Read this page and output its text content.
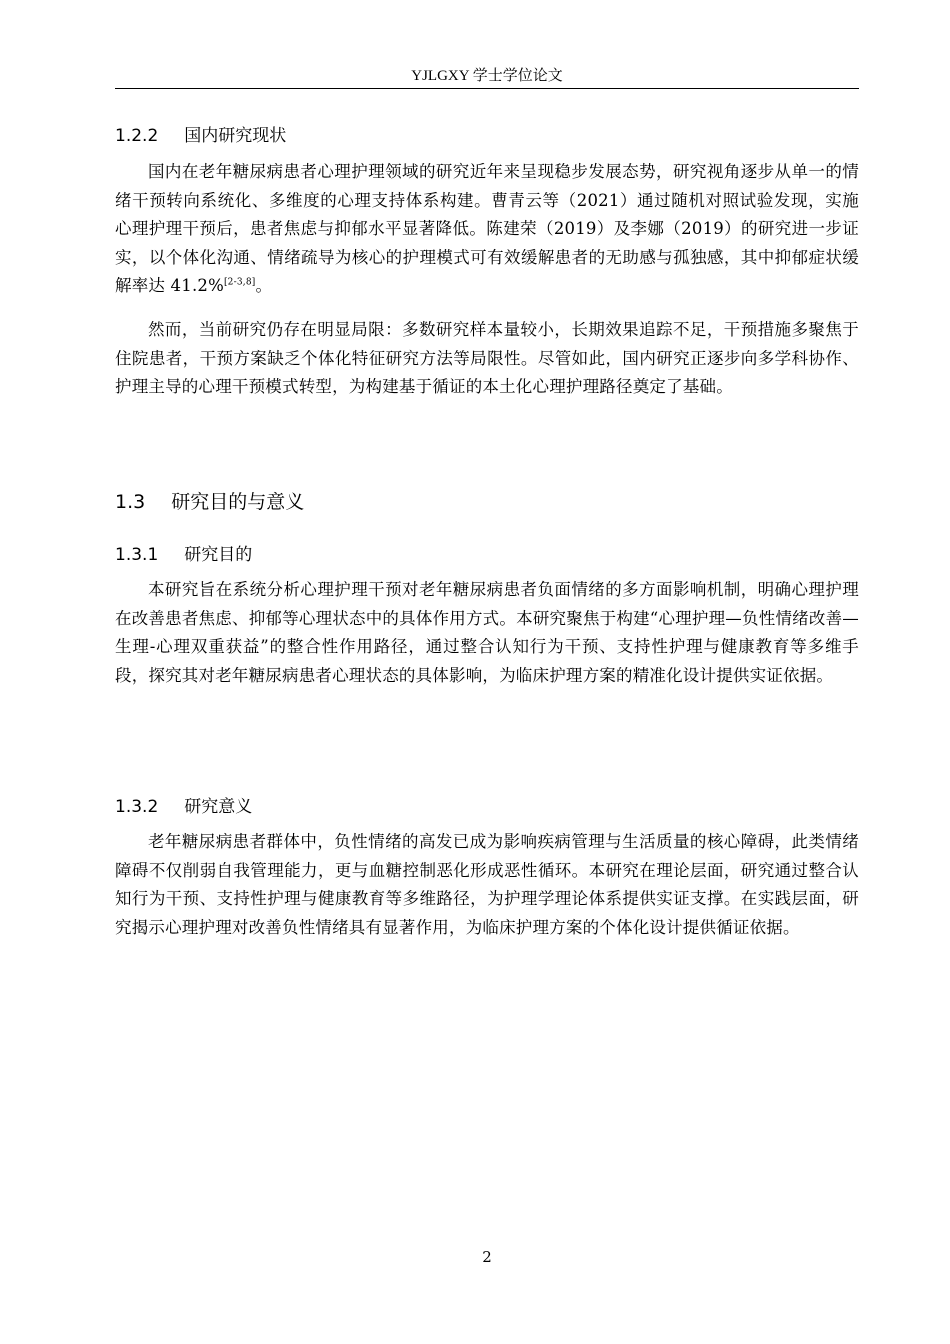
YJLGXY 学士学位论文
1.2.2 国内研究现状
国内在老年糖尿病患者心理护理领域的研究近年来呈现稳步发展态势，研究视角逐步从单一的情绪干预转向系统化、多维度的心理支持体系构建。曹青云等（2021）通过随机对照试验发现，实施心理护理干预后，患者焦虑与抑郁水平显著降低。陈建荣（2019）及李娜（2019）的研究进一步证实，以个体化沟通、情绪疏导为核心的护理模式可有效缓解患者的无助感与孤独感，其中抑郁症状缓解率达 41.2%[2-3,8]。
然而，当前研究仍存在明显局限：多数研究样本量较小，长期效果追踪不足，干预措施多聚焦于住院患者，干预方案缺乏个体化特征研究方法等局限性。尽管如此，国内研究正逐步向多学科协作、护理主导的心理干预模式转型，为构建基于循证的本土化心理护理路径奠定了基础。
1.3 研究目的与意义
1.3.1 研究目的
本研究旨在系统分析心理护理干预对老年糖尿病患者负面情绪的多方面影响机制，明确心理护理在改善患者焦虑、抑郁等心理状态中的具体作用方式。本研究聚焦于构建“心理护理—负性情绪改善—生理-心理双重获益”的整合性作用路径，通过整合认知行为干预、支持性护理与健康教育等多维手段，探究其对老年糖尿病患者心理状态的具体影响，为临床护理方案的精准化设计提供实证依据。
1.3.2 研究意义
老年糖尿病患者群体中，负性情绪的高发已成为影响疾病管理与生活质量的核心障碍，此类情绪障碍不仅削弱自我管理能力，更与血糖控制恶化形成恶性循环。本研究在理论层面，研究通过整合认知行为干预、支持性护理与健康教育等多维路径，为护理学理论体系提供实证支撑。在实践层面，研究揭示心理护理对改善负性情绪具有显著作用，为临床护理方案的个体化设计提供循证依据。
2
